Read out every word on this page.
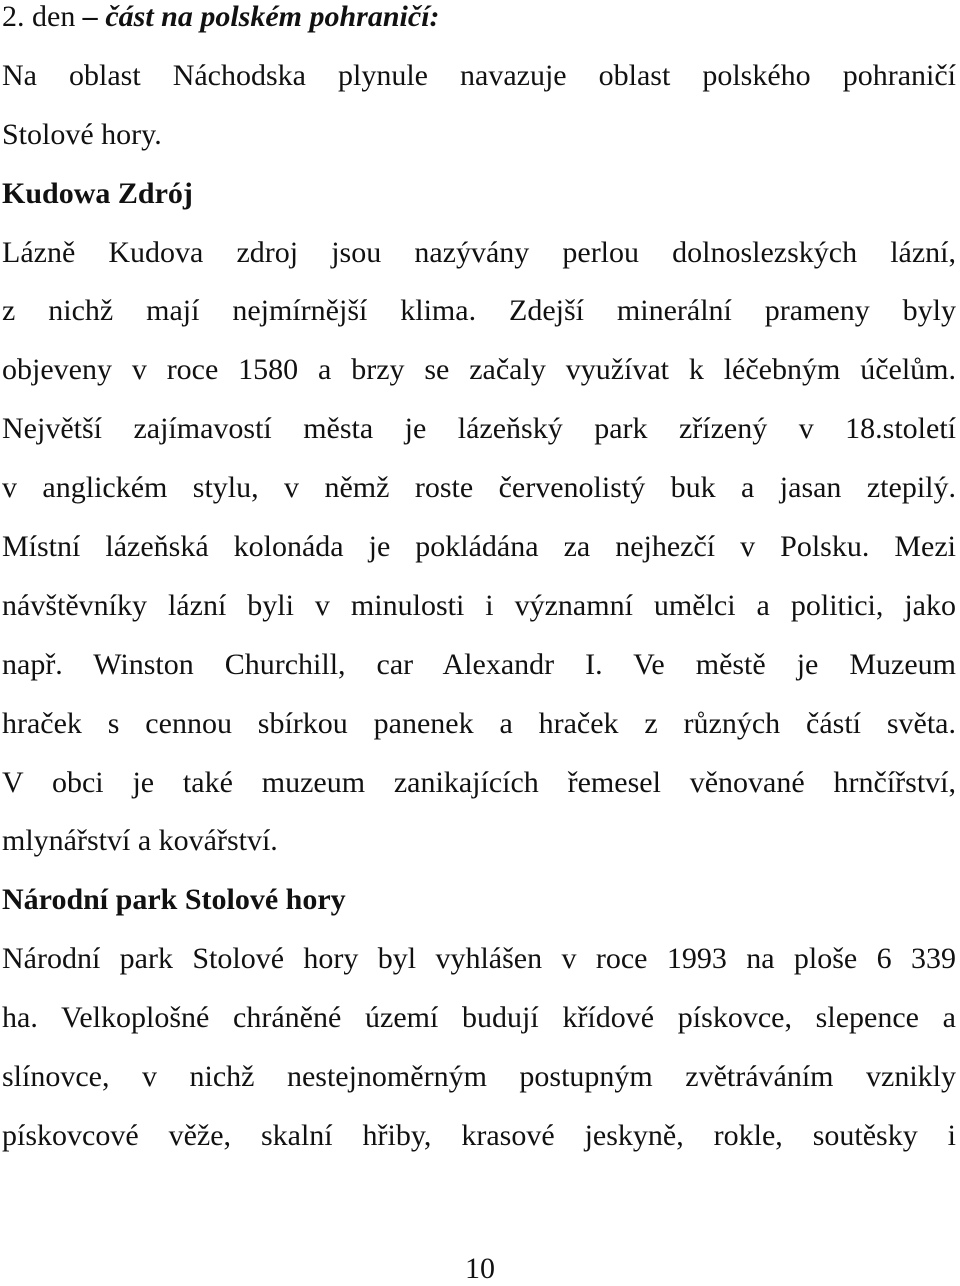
2. den – část na polském pohraničí:
Na oblast Náchodska plynule navazuje oblast polského pohraničí
Stolové hory.
Kudowa Zdrój
Lázně Kudova zdroj jsou nazývány perlou dolnoslezských lázní,
z nichž mají nejmírnější klima. Zdejší minerální prameny byly
objeveny v roce 1580 a brzy se začaly využívat k léčebným účelům.
Největší zajímavostí města je lázeňský park zřízený v 18.století
v anglickém stylu, v němž roste červenolistý buk a jasan ztepilý.
Místní lázeňská kolonáda je pokládána za nejhezčí v Polsku. Mezi
návštěvníky lázní byli v minulosti i významní umělci a politici, jako
např. Winston Churchill, car Alexandr I. Ve městě je Muzeum
hraček s cennou sbírkou panenek a hraček z různých částí světa.
V obci je také muzeum zanikajících řemesel věnované hrnčířství,
mlynářství a kovářství.
Národní park Stolové hory
Národní park Stolové hory byl vyhlášen v roce 1993 na ploše 6 339
ha. Velkoplošné chráněné území budují křídové pískovce, slepence a
slínovce, v nichž nestejnoměrným postupným zvětráváním vznikly
pískovcové věže, skalní hřiby, krasové jeskyně, rokle, soutěsky i
10
